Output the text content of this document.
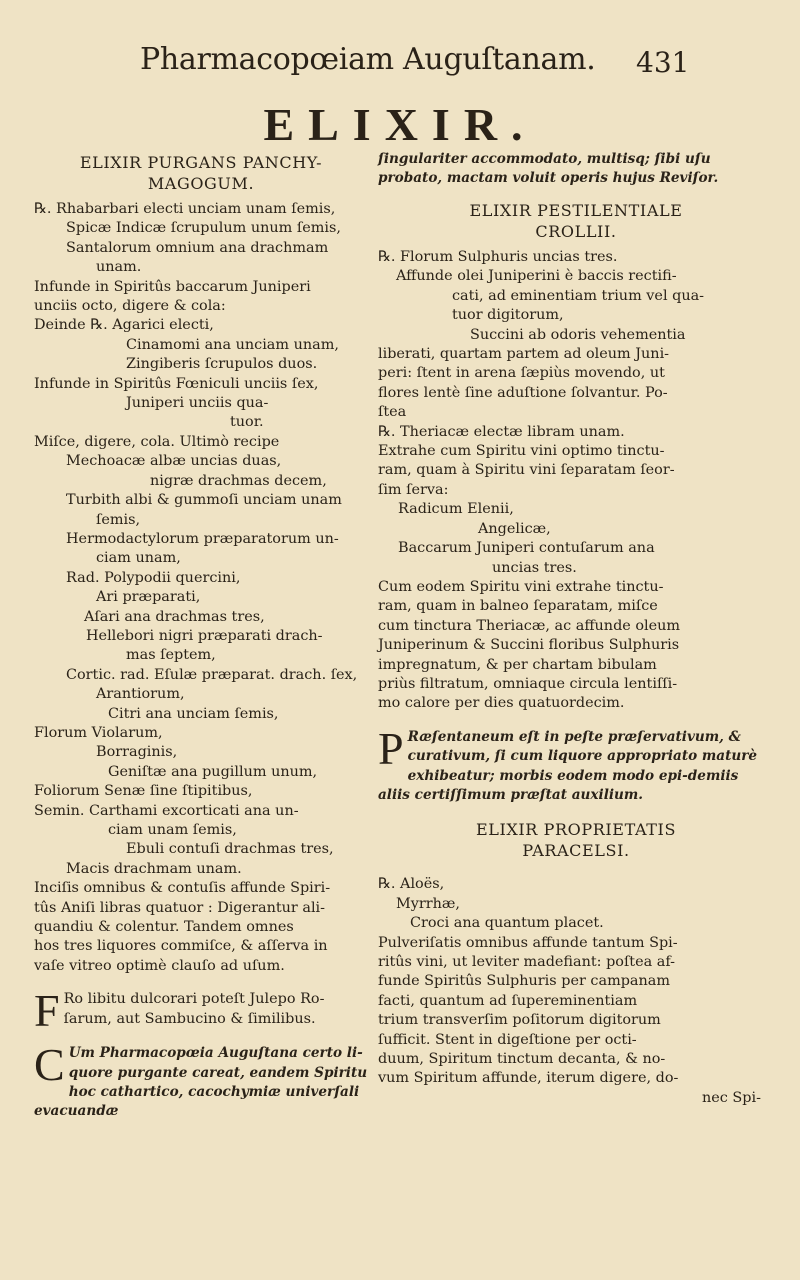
Pharmacopœiam Auguſtanam. 431
ELIXIR.
ELIXIR PURGANS PANCHY-
MAGOGUM.

℞. Rhabarbari electi unciam unam ſemis,

Spicæ Indicæ ſcrupulum unum ſemis,

Santalorum omnium ana drachmam

unam.

Infunde in Spiritûs baccarum Juniperi

unciis octo, digere & cola:

Deinde ℞. Agarici electi,

Cinamomi ana unciam unam,

Zingiberis ſcrupulos duos.

Infunde in Spiritûs Fœniculi unciis ſex,

Juniperi unciis qua-

tuor.

Miſce, digere, cola. Ultimò recipe

Mechoacæ albæ uncias duas,

nigræ drachmas decem,

Turbith albi & gummoſi unciam unam

ſemis,

Hermodactylorum præparatorum un-

ciam unam,

Rad. Polypodii quercini,

Ari præparati,

Aſari ana drachmas tres,

Hellebori nigri præparati drach-

mas ſeptem,

Cortic. rad. Eſulæ præparat. drach. ſex,

Arantiorum,

Citri ana unciam ſemis,

Florum Violarum,

Borraginis,

Geniſtæ ana pugillum unum,

Foliorum Senæ ſine ſtipitibus,

Semin. Carthami excorticati ana un-

ciam unam ſemis,

Ebuli contuſi drachmas tres,

Macis drachmam unam.

Inciſis omnibus & contuſis affunde Spiri-

tûs Aniſi libras quatuor : Digerantur ali-

quandiu & colentur. Tandem omnes

hos tres liquores commiſce, & aſſerva in

vaſe vitreo optimè clauſo ad uſum.

F Ro libitu dulcorari poteſt Julepo Ro-ſarum, aut Sambucino & ſimilibus.
C Um Pharmacopœia Auguſtana certo li-quore purgante careat, eandem Spiritu hoc cathartico, cacochymiæ univerſali evacuandæ

ſingulariter accommodato, multisq; ſibi uſu

probato, mactam voluit operis hujus Reviſor.

ELIXIR PESTILENTIALE
CROLLII.

℞. Florum Sulphuris uncias tres.

Affunde olei Juniperini è baccis rectifi-

cati, ad eminentiam trium vel qua-

tuor digitorum,

Succini ab odoris vehementia

liberati, quartam partem ad oleum Juni-

peri: ſtent in arena ſæpiùs movendo, ut

flores lentè ſine aduſtione ſolvantur. Po-

ſtea

℞. Theriacæ electæ libram unam.

Extrahe cum Spiritu vini optimo tinctu-

ram, quam à Spiritu vini ſeparatam ſeor-

ſim ſerva:

Radicum Elenii,

Angelicæ,

Baccarum Juniperi contuſarum ana

uncias tres.

Cum eodem Spiritu vini extrahe tinctu-

ram, quam in balneo ſeparatam, miſce

cum tinctura Theriacæ, ac affunde oleum

Juniperinum & Succini floribus Sulphuris

impregnatum, & per chartam bibulam

priùs filtratum, omniaque circula lentiſſi-

mo calore per dies quatuordecim.

P Ræſentaneum eſt in peſte præſervativum, & curativum, ſi cum liquore appropriato maturè exhibeatur; morbis eodem modo epi-demiis aliis certiſſimum præſtat auxilium.
ELIXIR PROPRIETATIS
PARACELSI.

℞. Aloës,

Myrrhæ,

Croci ana quantum placet.

Pulveriſatis omnibus affunde tantum Spi-

ritûs vini, ut leviter madefiant: poſtea af-

funde Spiritûs Sulphuris per campanam

facti, quantum ad ſupereminentiam

trium transverſim poſitorum digitorum

ſufficit. Stent in digeſtione per octi-

duum, Spiritum tinctum decanta, & no-

vum Spiritum affunde, iterum digere, do-

nec Spi-
